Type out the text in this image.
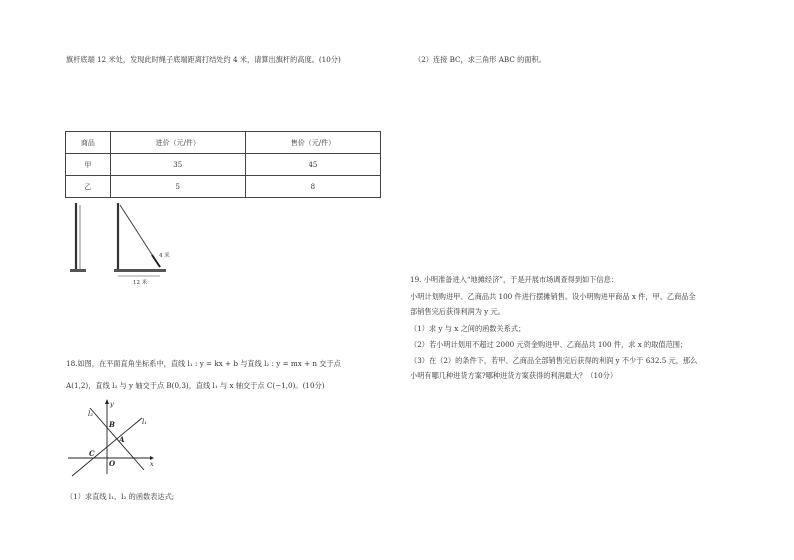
旗杆底端 12 米处，发现此时绳子底端距离打结处约 4 米，请算出旗杆的高度。(10分)
商品	进价（元/件）	售价（元/件）
甲	35	45
乙	5	8
4 米
12 米
18.如图，在平面直角坐标系中，直线 l₁ : y = kx + b 与直线 l₂ : y = mx + n 交于点
A(1,2)，直线 l₂ 与 y 轴交于点 B(0,3)，直线 l₁ 与 x 轴交于点 C(−1,0)。(10分)
l₂
l₁
y
x
B
A
C
O
（1）求直线 l₁、l₂ 的函数表达式;
（2）连接 BC，求三角形 ABC 的面积。
19. 小明准备进入“地摊经济”，于是开展市场调查得到如下信息：
小明计划购进甲、乙商品共 100 件进行摆摊销售。设小明购进甲商品 x 件，甲、乙商品全
部销售完后获得利润为 y 元。
（1）求 y 与 x 之间的函数关系式；
（2）若小明计划用不超过 2000 元资金购进甲、乙商品共 100 件，求 x 的取值范围；
（3）在（2）的条件下，若甲、乙商品全部销售完后获得的利润 y 不少于 632.5 元，那么
小明有哪几种进货方案?哪种进货方案获得的利润最大？（10分）
